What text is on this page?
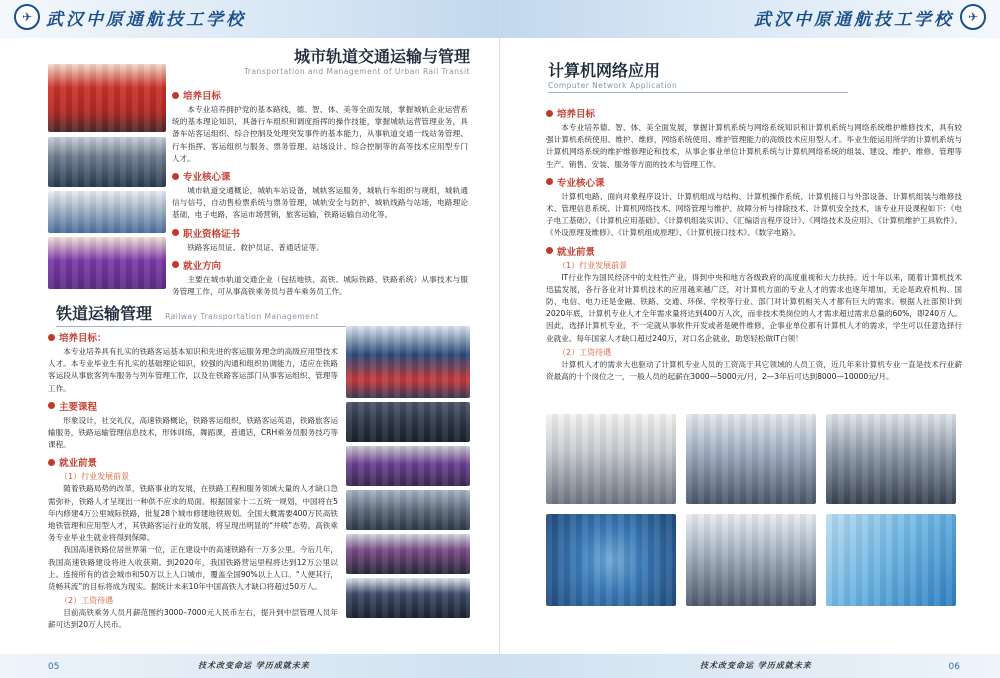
✈ 武汉中原通航技工学校
城市轨道交通运输与管理
Transportation and Management of Urban Rail Transit
培养目标

本专业培养拥护党的基本路线，德、智、体、美等全面发展，掌握城轨企业运营系统的基本理论知识，具备行车组织和调度指挥的操作技能，掌握城轨运营管理业务，具备车站客运组织、综合控制及处理突发事件的基本能力，从事轨道交通一线站务管理、行车指挥、客运组织与服务、票务管理、站场设计、综合控制等的高等技术应用型专门人才。

专业核心课

城市轨道交通概论，城轨车站设备，城轨客运服务，城轨行车组织与规组，城轨通信与信号，自动售检票系统与票务管理，城轨安全与防护、城轨线路与站场，电路理论基础，电子电路，客运市场营销，旅客运输，铁路运输自动化等。

职业资格证书

铁路客运员证、救护员证、普通话证等。

就业方向

主要在城市轨道交通企业（包括地铁、高铁、城际铁路、铁路系统）从事技术与服务管理工作，可从事高铁乘务员与普车乘务员工作。

铁道运输管理 Railway Transportation Management
培养目标：

本专业培养具有扎实的铁路客运基本知识和先进的客运服务理念的高级应用型技术人才。本专业毕业生有扎实的基础理论知识，较强的沟通和组织协调能力，适应在铁路客运段从事旅客列车服务与列车管理工作，以及在铁路客运部门从事客运组织、管理等工作。

主要课程

形象设计，社交礼仪，高速铁路概论，铁路客运组织，铁路客运英语，铁路旅客运输服务，铁路运输管理信息技术，形体训练，舞蹈课，普通话，CRH乘务员服务技巧等课程。

就业前景
（1）行业发展前景

随着铁路局势的改革，铁路事业的发展，在铁路工程和服务领域大量的人才缺口急需弥补，铁路人才呈现出一种供不应求的局面。根据国家十二五统一规划，中国将在5年内修建4万公里城际铁路，批复28个城市修建地铁规划。全国大概需要400万民高铁地铁管理和应用型人才，其铁路客运行业的发展，将呈现出明显的“井喷”态势。高铁乘务专业毕业生就业将得到保障。

我国高速铁路位居世界第一位，正在建设中的高速铁路有一万多公里。今后几年，我国高速铁路建设将进入收获期。到2020年，我国铁路营运里程将达到12万公里以上。连接所有的省会城市和50万以上人口城市，覆盖全国90%以上人口。“人便其行，货畅其流”的目标将成为现实。据统计未来10年中国高铁人才缺口将超过50万人。

（2）工资待遇

目前高铁乘务人员月薪范围约3000–7000元人民币左右，提升到中层管理人员年薪可达到20万人民币。

05	技术改变命运 学历成就未来
✈
武汉中原通航技工学校
计算机网络应用
Computer Network Application
培养目标

本专业培养德、智、体、美全面发展，掌握计算机系统与网络系统知识和计算机系统与网络系统维护维修技术，具有较强计算机系统使用、维护、维修，网络系统使用、维护管理能力的高级技术应用型人才。毕业生能运用所学的计算机系统与计算机网络系统的维护维修理论和技术，从事企事业单位计算机系统与计算机网络系统的组装、建设、维护、维修、管理等生产、销售、安装、服务等方面的技术与管理工作。

专业核心课

计算机电路、面向对象程序设计、计算机组成与结构、计算机操作系统、计算机接口与外部设备、计算机组装与维修技术、管理信息系统、计算机网络技术、网络管理与维护、故障分析与排除技术、计算机安全技术，该专业开设课程如下：《电子电工基础》、《计算机应用基础》、《计算机组装实训》、《汇编语言程序设计》、《网络技术及应用》、《计算机维护工具软件》、《外设原理及维修》、《计算机组成原理》、《计算机接口技术》、《数字电路》。

就业前景
（1）行业发展前景

IT行业作为国民经济中的支柱性产业，得到中央和地方各级政府的高度重视和大力扶持。近十年以来，随着计算机技术迅猛发展，各行各业对计算机技术的应用越来越广泛，对计算机方面的专业人才的需求也逐年增加，无论是政府机构、国防、电信、电力还是金融、铁路、交通、环保、学校等行业、部门对计算机相关人才都有巨大的需求。根据人社部预计到2020年底，计算机专业人才全年需求量将达到400万人次，而非技术类岗位的人才需求超过需求总量的60%，即240万人。因此，选择计算机专业，不一定就从事软件开发或者是硬件维修，企事业单位都有计算机人才的需求，学生可以任意选择行业就业。每年国家人才缺口超过240万，对口名企就业，助您轻松做IT白领！

（2）工资待遇

计算机人才的需求大也驱动了计算机专业人员的工资高于其它领域的人员工资，近几年来计算机专业一直是技术行业薪资最高的十个岗位之一，一般人员的起薪在3000—5000元/月，2—3年后可达到8000—10000元/月。

技术改变命运 学历成就未来	06
